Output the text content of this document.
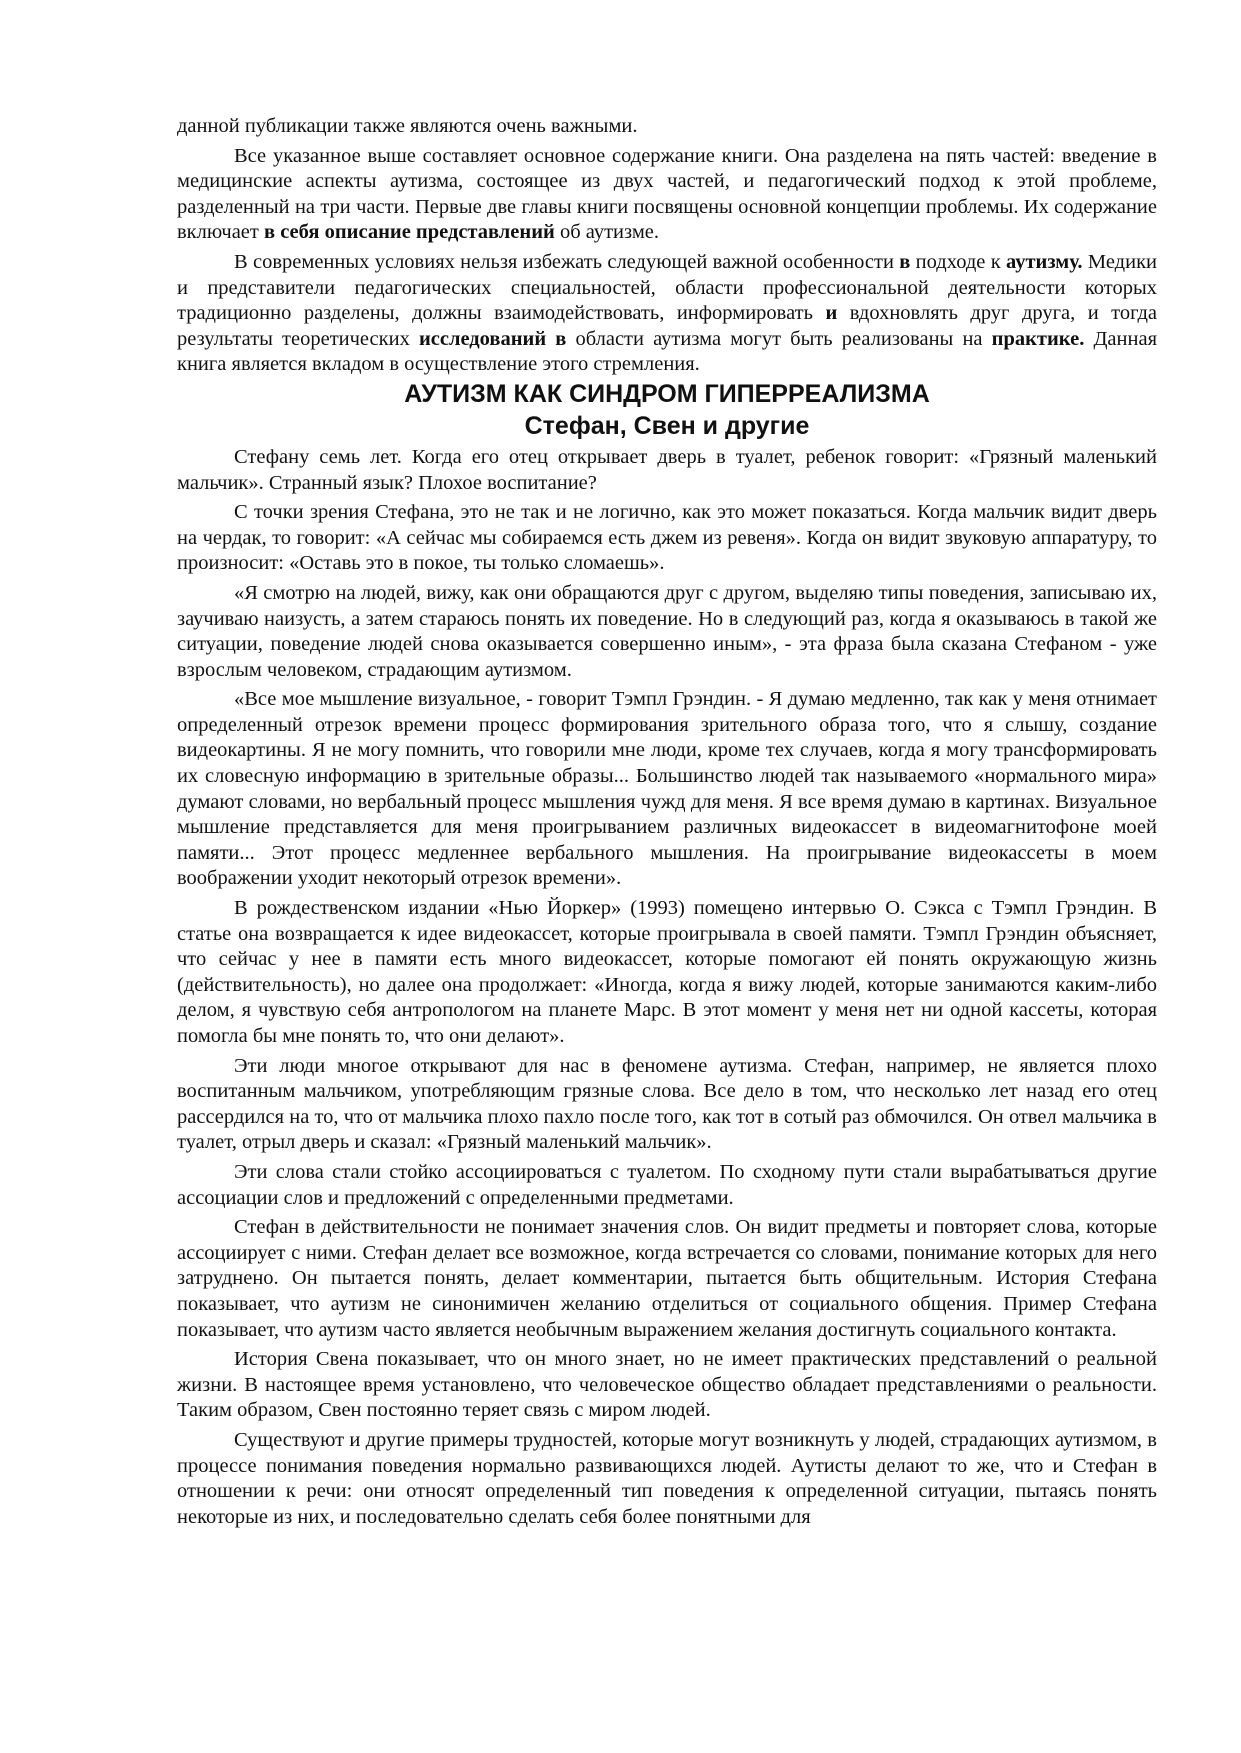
данной публикации также являются очень важными.

Все указанное выше составляет основное содержание книги. Она разделена на пять частей: введение в медицинские аспекты аутизма, состоящее из двух частей, и педагогический подход к этой проблеме, разделенный на три части. Первые две главы книги посвящены основной концепции проблемы. Их содержание включает в себя описание представлений об аутизме.

В современных условиях нельзя избежать следующей важной особенности в подходе к аутизму. Медики и представители педагогических специальностей, области профессиональной деятельности которых традиционно разделены, должны взаимодействовать, информировать и вдохновлять друг друга, и тогда результаты теоретических исследований в области аутизма могут быть реализованы на практике. Данная книга является вкладом в осуществление этого стремления.

АУТИЗМ КАК СИНДРОМ ГИПЕРРЕАЛИЗМА
Стефан, Свен и другие

Стефану семь лет. Когда его отец открывает дверь в туалет, ребенок говорит: «Грязный маленький мальчик». Странный язык? Плохое воспитание?

С точки зрения Стефана, это не так и не логично, как это может показаться. Когда мальчик видит дверь на чердак, то говорит: «А сейчас мы собираемся есть джем из ревеня». Когда он видит звуковую аппаратуру, то произносит: «Оставь это в покое, ты только сломаешь».

«Я смотрю на людей, вижу, как они обращаются друг с другом, выделяю типы поведения, записываю их, заучиваю наизусть, а затем стараюсь понять их поведение. Но в следующий раз, когда я оказываюсь в такой же ситуации, поведение людей снова оказывается совершенно иным», - эта фраза была сказана Стефаном - уже взрослым человеком, страдающим аутизмом.

«Все мое мышление визуальное, - говорит Тэмпл Грэндин. - Я думаю медленно, так как у меня отнимает определенный отрезок времени процесс формирования зрительного образа того, что я слышу, создание видеокартины. Я не могу помнить, что говорили мне люди, кроме тех случаев, когда я могу трансформировать их словесную информацию в зрительные образы... Большинство людей так называемого «нормального мира» думают словами, но вербальный процесс мышления чужд для меня. Я все время думаю в картинах. Визуальное мышление представляется для меня проигрыванием различных видеокассет в видеомагнитофоне моей памяти... Этот процесс медленнее вербального мышления. На проигрывание видеокассеты в моем воображении уходит некоторый отрезок времени».

В рождественском издании «Нью Йоркер» (1993) помещено интервью О. Сэкса с Тэмпл Грэндин. В статье она возвращается к идее видеокассет, которые проигрывала в своей памяти. Тэмпл Грэндин объясняет, что сейчас у нее в памяти есть много видеокассет, которые помогают ей понять окружающую жизнь (действительность), но далее она продолжает: «Иногда, когда я вижу людей, которые занимаются каким-либо делом, я чувствую себя антропологом на планете Марс. В этот момент у меня нет ни одной кассеты, которая помогла бы мне понять то, что они делают».

Эти люди многое открывают для нас в феномене аутизма. Стефан, например, не является плохо воспитанным мальчиком, употребляющим грязные слова. Все дело в том, что несколько лет назад его отец рассердился на то, что от мальчика плохо пахло после того, как тот в сотый раз обмочился. Он отвел мальчика в туалет, отрыл дверь и сказал: «Грязный маленький мальчик».

Эти слова стали стойко ассоциироваться с туалетом. По сходному пути стали вырабатываться другие ассоциации слов и предложений с определенными предметами.

Стефан в действительности не понимает значения слов. Он видит предметы и повторяет слова, которые ассоциирует с ними. Стефан делает все возможное, когда встречается со словами, понимание которых для него затруднено. Он пытается понять, делает комментарии, пытается быть общительным. История Стефана показывает, что аутизм не синонимичен желанию отделиться от социального общения. Пример Стефана показывает, что аутизм часто является необычным выражением желания достигнуть социального контакта.

История Свена показывает, что он много знает, но не имеет практических представлений о реальной жизни. В настоящее время установлено, что человеческое общество обладает представлениями о реальности. Таким образом, Свен постоянно теряет связь с миром людей.

Существуют и другие примеры трудностей, которые могут возникнуть у людей, страдающих аутизмом, в процессе понимания поведения нормально развивающихся людей. Аутисты делают то же, что и Стефан в отношении к речи: они относят определенный тип поведения к определенной ситуации, пытаясь понять некоторые из них, и последовательно сделать себя более понятными для
